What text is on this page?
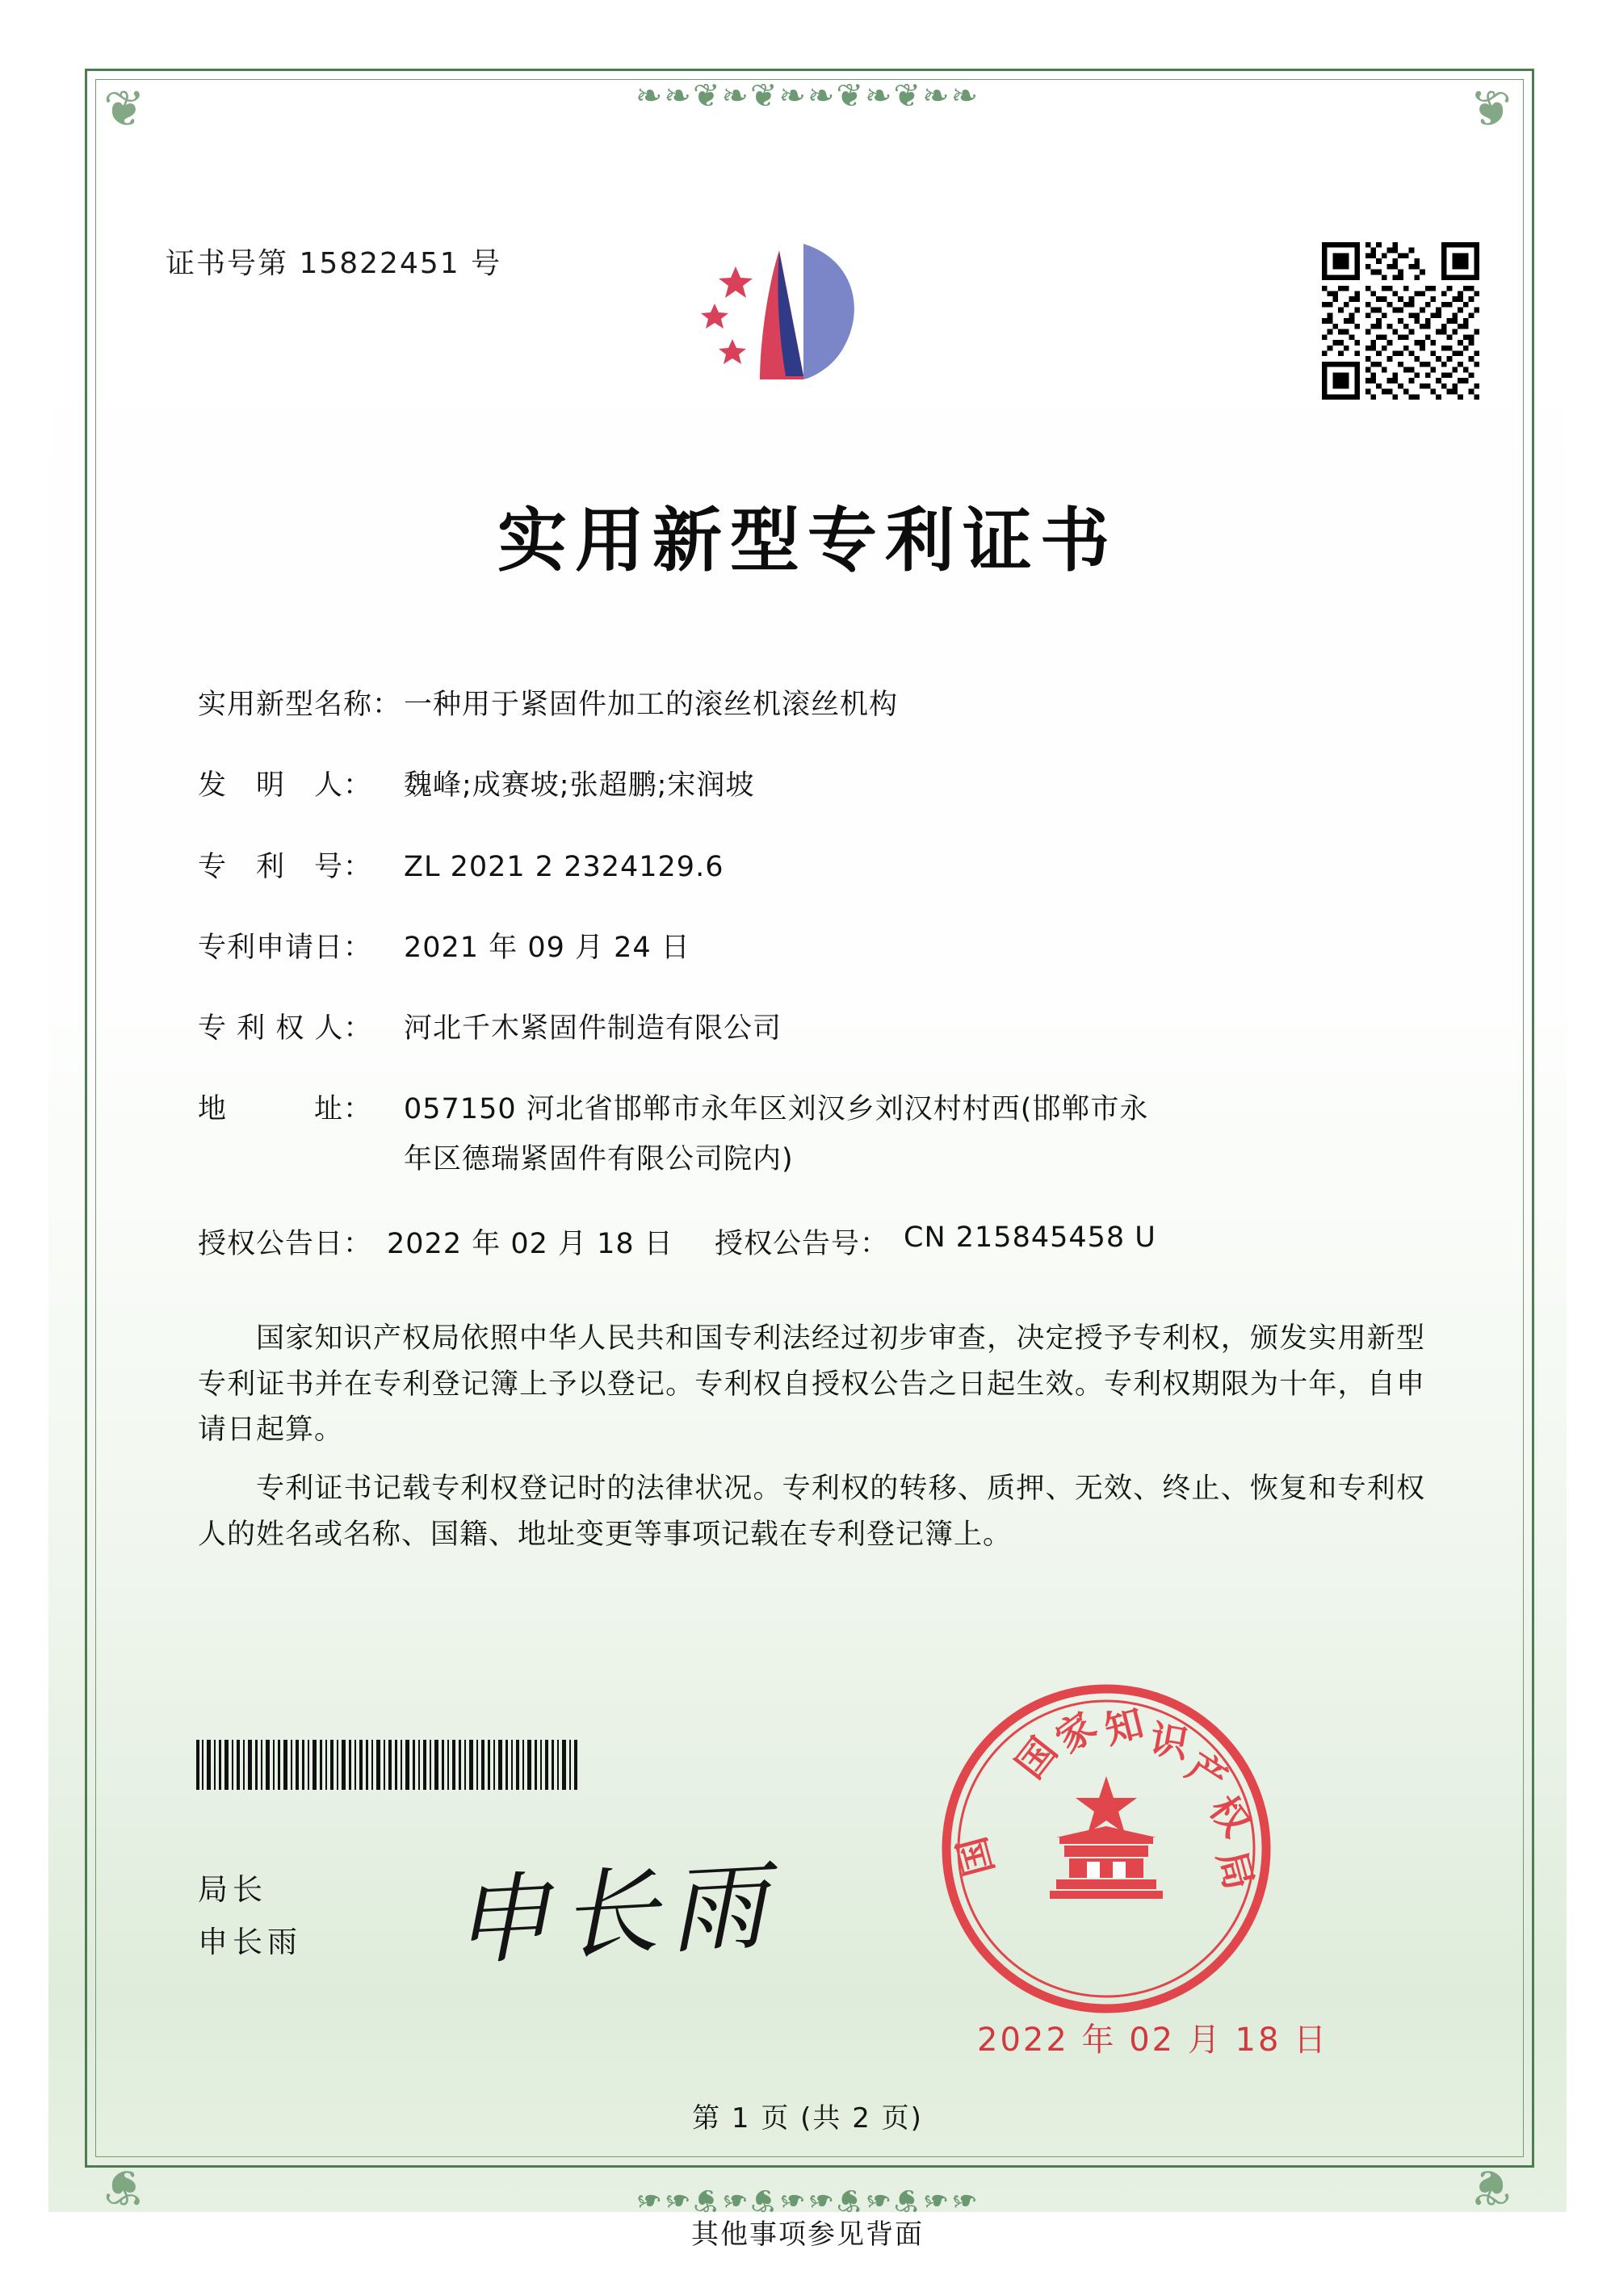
❧❧❦❧❦❧❧❦❧❦❧❧
❧❧❦❧❦❧❧❦❧❦❧❧
❦	❦
❦	❦
证书号第 15822451 号
实用新型专利证书
实用新型名称： 一种用于紧固件加工的滚丝机滚丝机构
发　明　人：	魏峰;成赛坡;张超鹏;宋润坡
专　利　号：	ZL 2021 2 2324129.6
专利申请日：	2021 年 09 月 24 日
专 利 权 人：	河北千木紧固件制造有限公司
地　　　址：	057150 河北省邯郸市永年区刘汉乡刘汉村村西(邯郸市永
年区德瑞紧固件有限公司院内)
授权公告日： 2022 年 02 月 18 日 授权公告号： CN 215845458 U

国家知识产权局依照中华人民共和国专利法经过初步审查，决定授予专利权，颁发实用新型专利证书并在专利登记簿上予以登记。专利权自授权公告之日起生效。专利权期限为十年，自申请日起算。

专利证书记载专利权登记时的法律状况。专利权的转移、质押、无效、终止、恢复和专利权人的姓名或名称、国籍、地址变更等事项记载在专利登记簿上。

局长
申长雨 申长雨
国
家
知
识
产
权
局
国
2022 年 02 月 18 日
第 1 页 (共 2 页)
其他事项参见背面
